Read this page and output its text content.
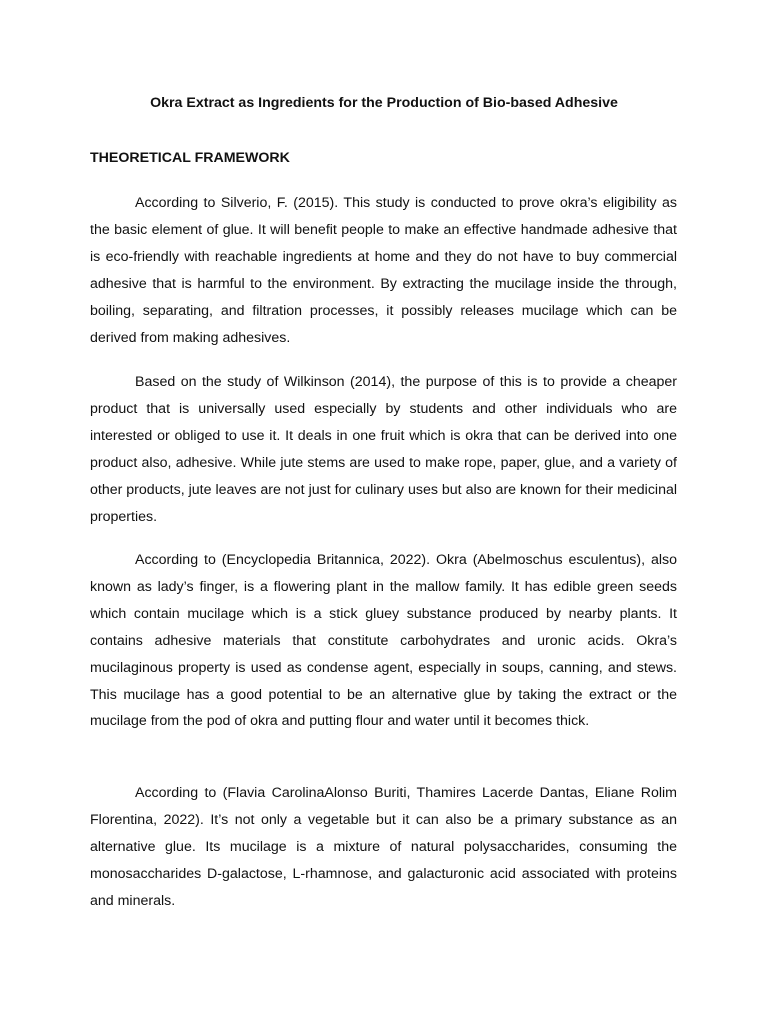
Okra Extract as Ingredients for the Production of Bio-based Adhesive
THEORETICAL FRAMEWORK

According to Silverio, F. (2015). This study is conducted to prove okra’s eligibility as the basic element of glue. It will benefit people to make an effective handmade adhesive that is eco-friendly with reachable ingredients at home and they do not have to buy commercial adhesive that is harmful to the environment. By extracting the mucilage inside the through, boiling, separating, and filtration processes, it possibly releases mucilage which can be derived from making adhesives.

Based on the study of Wilkinson (2014), the purpose of this is to provide a cheaper product that is universally used especially by students and other individuals who are interested or obliged to use it. It deals in one fruit which is okra that can be derived into one product also, adhesive. While jute stems are used to make rope, paper, glue, and a variety of other products, jute leaves are not just for culinary uses but also are known for their medicinal properties.

According to (Encyclopedia Britannica, 2022). Okra (Abelmoschus esculentus), also known as lady’s finger, is a flowering plant in the mallow family. It has edible green seeds which contain mucilage which is a stick gluey substance produced by nearby plants. It contains adhesive materials that constitute carbohydrates and uronic acids. Okra’s mucilaginous property is used as condense agent, especially in soups, canning, and stews. This mucilage has a good potential to be an alternative glue by taking the extract or the mucilage from the pod of okra and putting flour and water until it becomes thick.

According to (Flavia CarolinaAlonso Buriti, Thamires Lacerde Dantas, Eliane Rolim Florentina, 2022). It’s not only a vegetable but it can also be a primary substance as an alternative glue. Its mucilage is a mixture of natural polysaccharides, consuming the monosaccharides D-galactose, L-rhamnose, and galacturonic acid associated with proteins and minerals.
